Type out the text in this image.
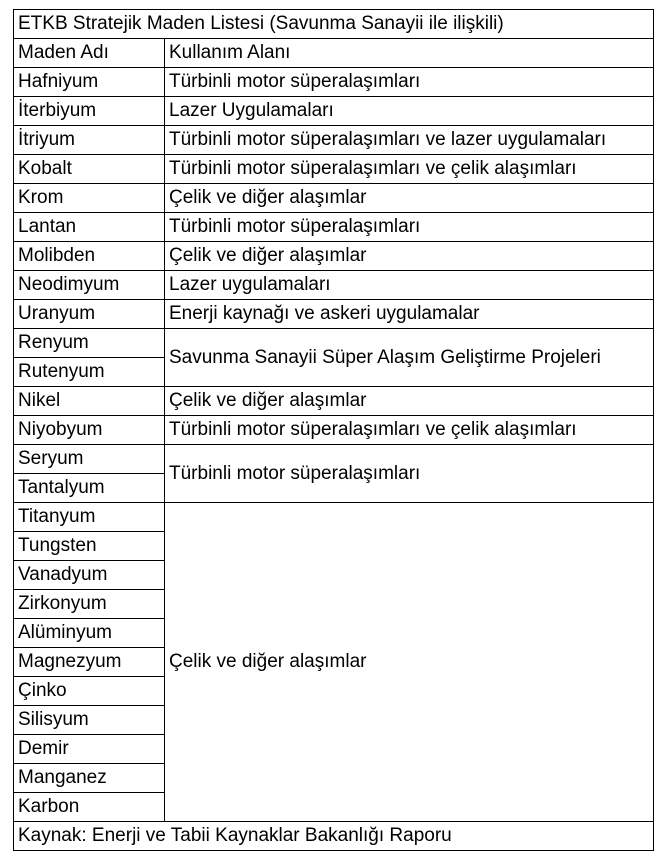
ETKB Stratejik Maden Listesi (Savunma Sanayii ile ilişkili)	
Maden Adı	Kullanım Alanı
Hafniyum	Türbinli motor süperalaşımları
İterbiyum	Lazer Uygulamaları
İtriyum	Türbinli motor süperalaşımları ve lazer uygulamaları
Kobalt	Türbinli motor süperalaşımları ve çelik alaşımları
Krom	Çelik ve diğer alaşımlar
Lantan	Türbinli motor süperalaşımları
Molibden	Çelik ve diğer alaşımlar
Neodimyum	Lazer uygulamaları
Uranyum	Enerji kaynağı ve askeri uygulamalar
Renyum	Savunma Sanayii Süper Alaşım Geliştirme Projeleri
Rutenyum	
Nikel	Çelik ve diğer alaşımlar
Niyobyum	Türbinli motor süperalaşımları ve çelik alaşımları
Seryum	Türbinli motor süperalaşımları
Tantalyum	
Titanyum	Çelik ve diğer alaşımlar
Tungsten	
Vanadyum	
Zirkonyum	
Alüminyum	
Magnezyum	
Çinko	
Silisyum	
Demir	
Manganez	
Karbon	
Kaynak: Enerji ve Tabii Kaynaklar Bakanlığı Raporu	
